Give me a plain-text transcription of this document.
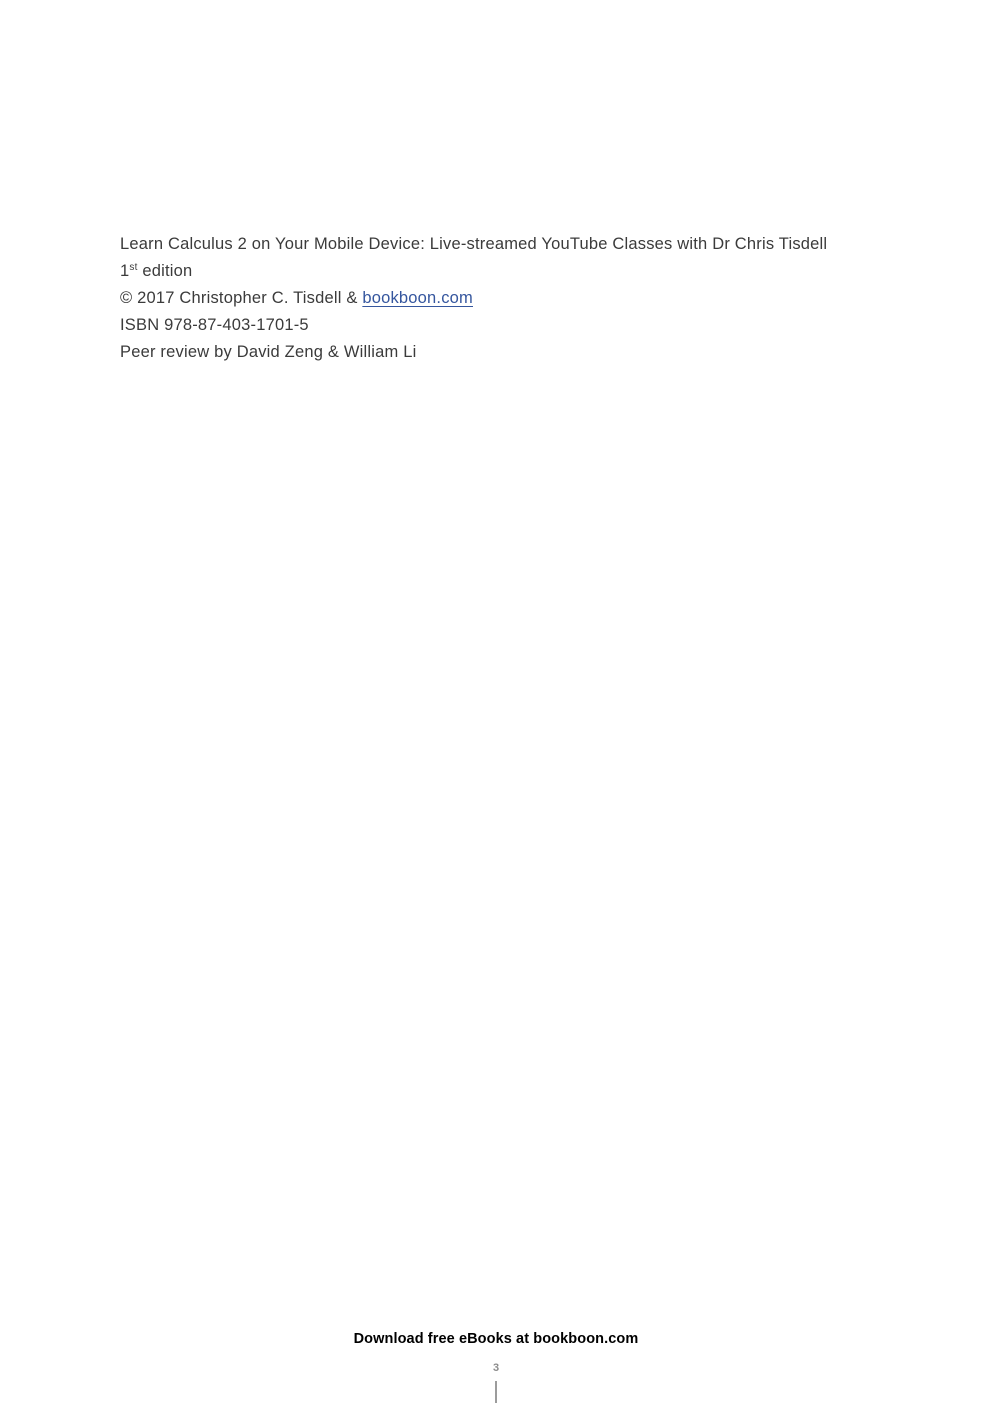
Learn Calculus 2 on Your Mobile Device: Live-streamed YouTube Classes with Dr Chris Tisdell

1st edition

© 2017 Christopher C. Tisdell & bookboon.com

ISBN 978-87-403-1701-5

Peer review by David Zeng & William Li

Download free eBooks at bookboon.com
3
